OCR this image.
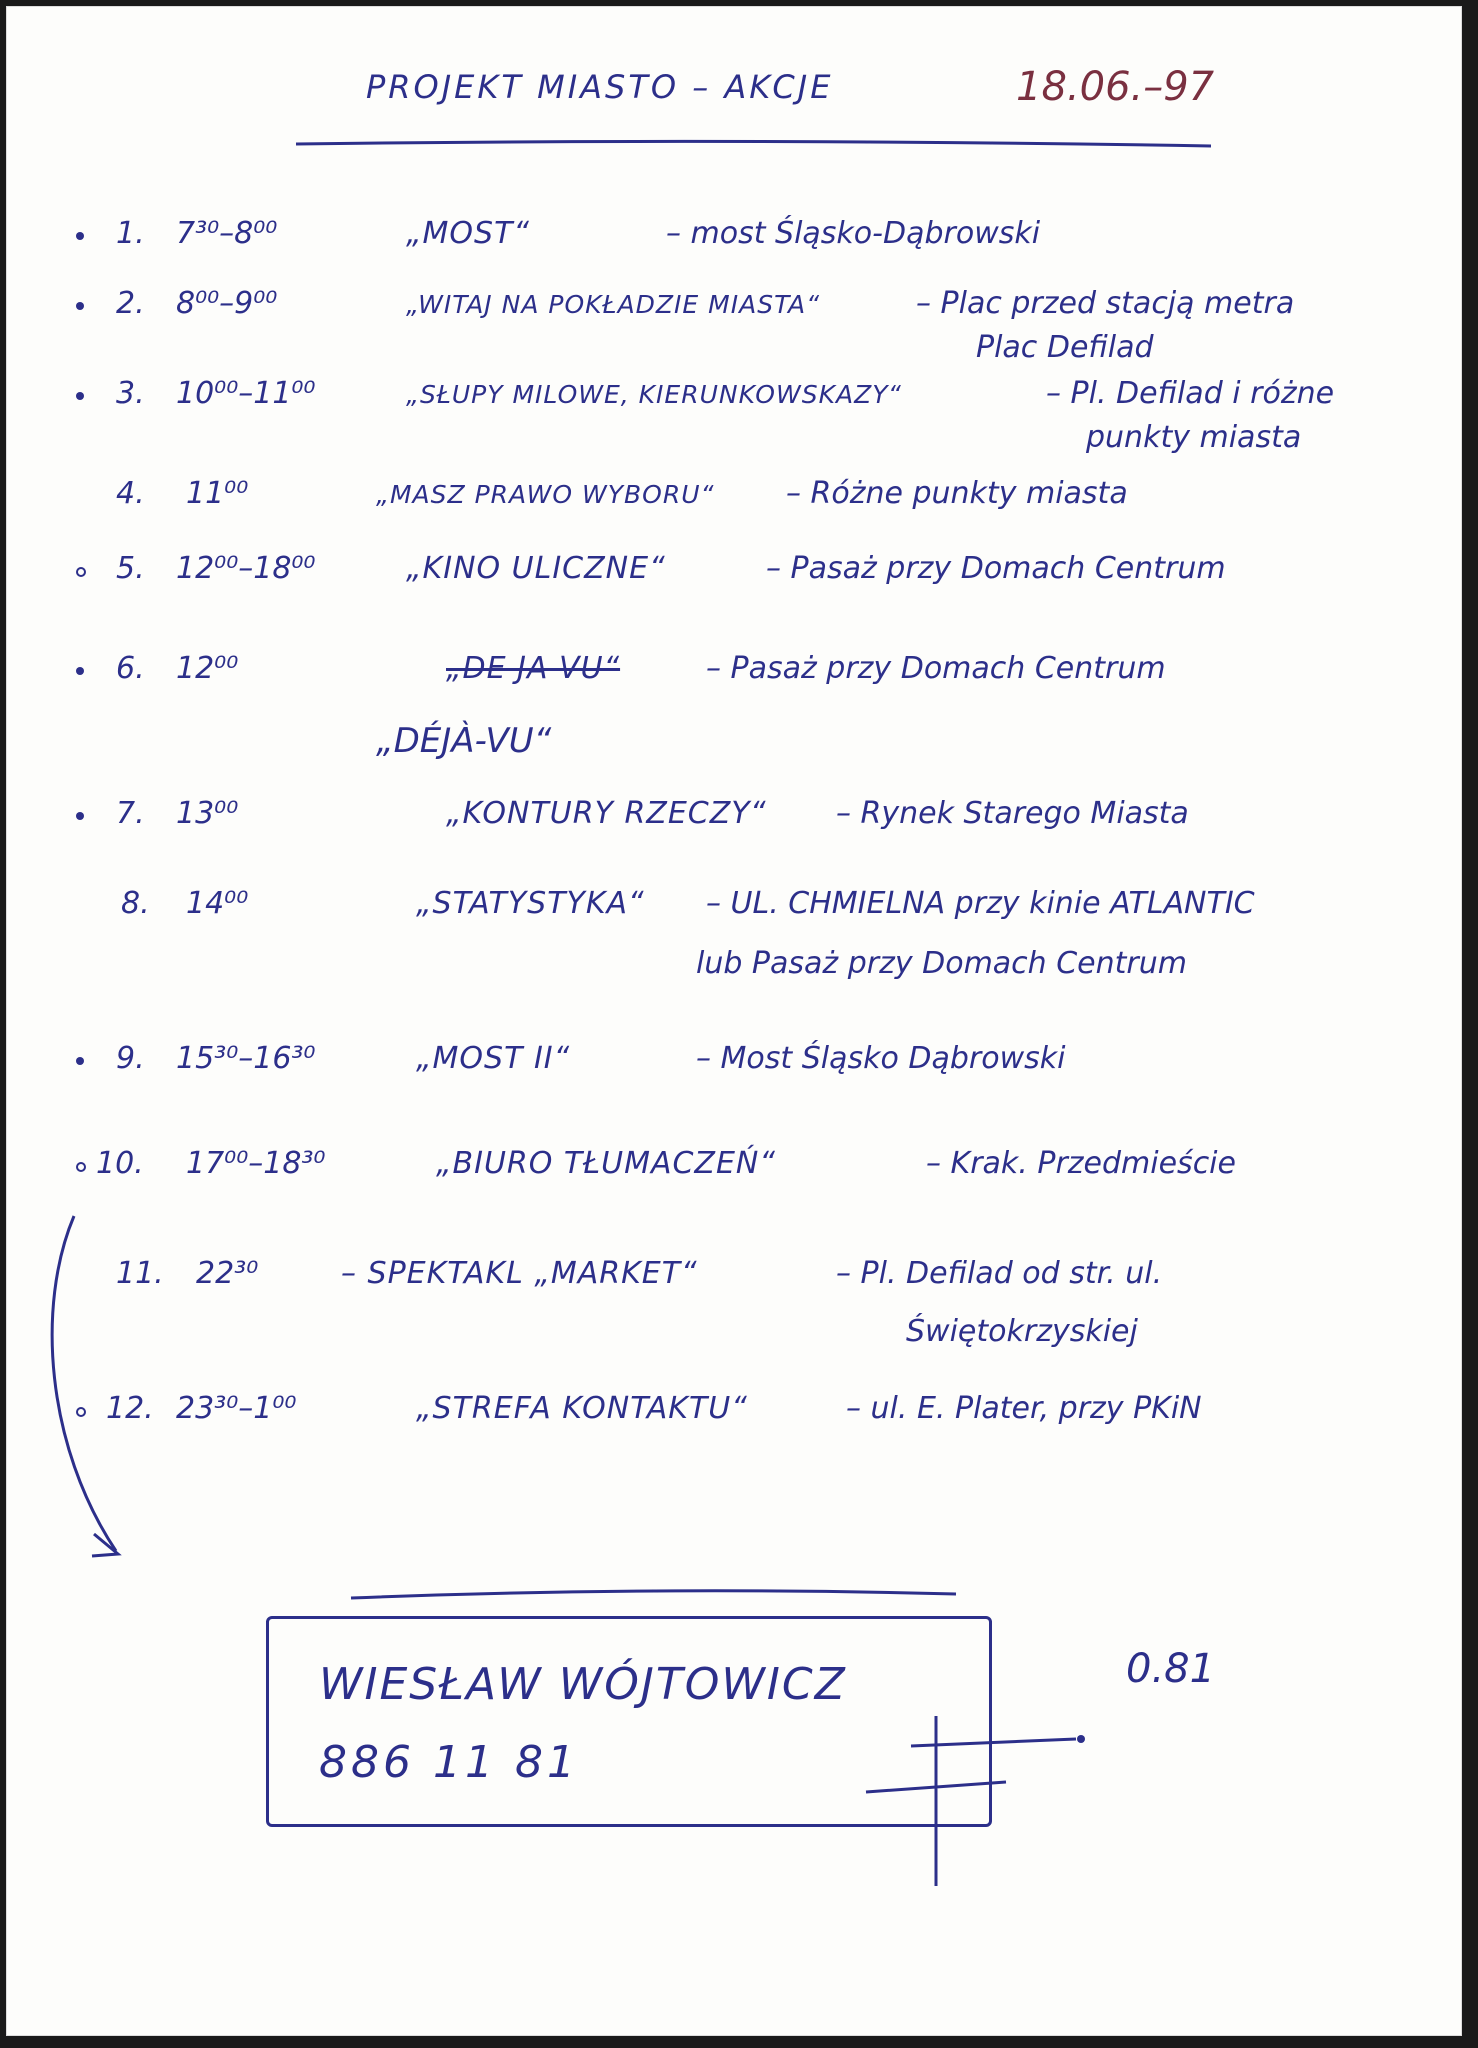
PROJEKT MIASTO – AKCJE	18.06.–97
1. 7³⁰–8⁰⁰	„MOST“	– most Śląsko-Dąbrowski
2. 8⁰⁰–9⁰⁰	„WITAJ NA POKŁADZIE MIASTA“	– Plac przed stacją metra
Plac Defilad
3. 10⁰⁰–11⁰⁰	„SŁUPY MILOWE, KIERUNKOWSKAZY“	– Pl. Defilad i różne
punkty miasta
4. 11⁰⁰	„MASZ PRAWO WYBORU“ – Różne punkty miasta
5. 12⁰⁰–18⁰⁰	„KINO ULICZNE“	– Pasaż przy Domach Centrum
6. 12⁰⁰	„DE JA VU“	– Pasaż przy Domach Centrum
„DÉJÀ-VU“
7. 13⁰⁰	„KONTURY RZECZY“ – Rynek Starego Miasta
8. 14⁰⁰	„STATYSTYKA“ – UL. CHMIELNA przy kinie ATLANTIC
lub Pasaż przy Domach Centrum
9. 15³⁰–16³⁰	„MOST II“	– Most Śląsko Dąbrowski
10. 17⁰⁰–18³⁰	„BIURO TŁUMACZEŃ“	– Krak. Przedmieście
11. 22³⁰	– SPEKTAKL „MARKET“	– Pl. Defilad od str. ul.
Świętokrzyskiej
12. 23³⁰–1⁰⁰	„STREFA KONTAKTU“	– ul. E. Plater, przy PKiN
WIESŁAW WÓJTOWICZ
886 11 81
0.81
